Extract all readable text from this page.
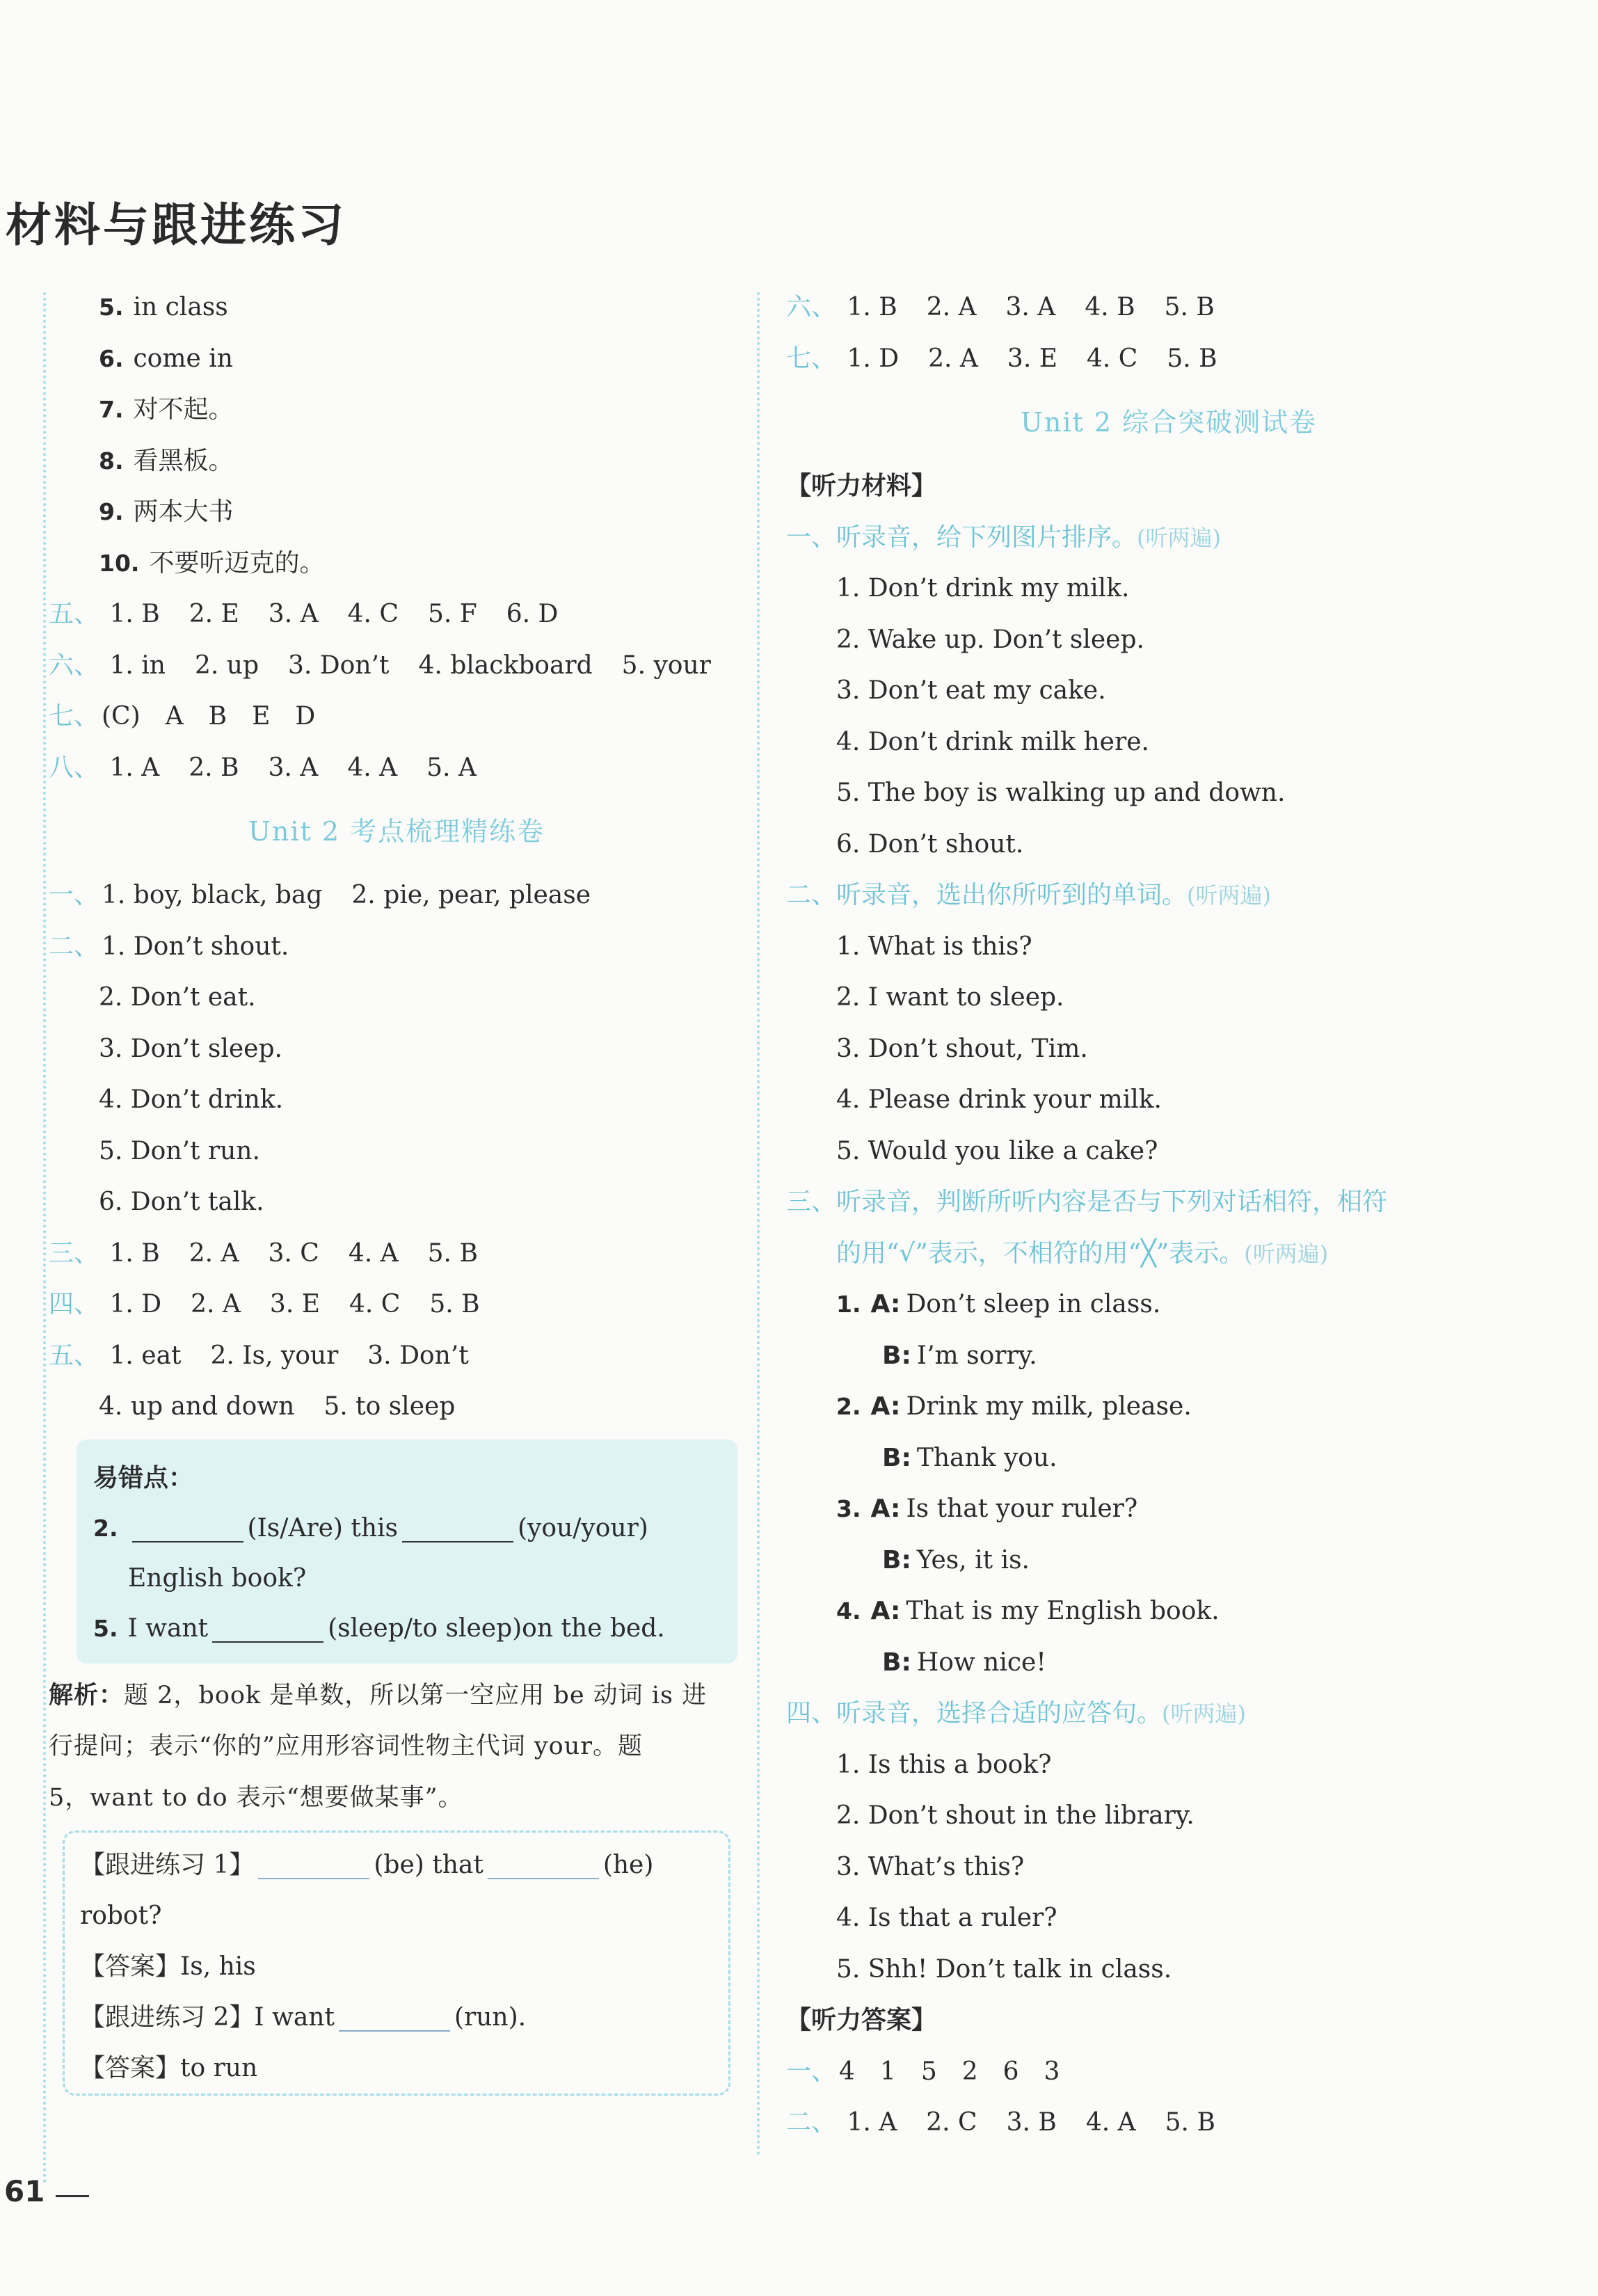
材料与跟进练习
5. in class
6. come in
7. 对不起。
8. 看黑板。
9. 两本大书
10. 不要听迈克的。
五、 1. B 2. E 3. A 4. C 5. F 6. D
六、 1. in 2. up 3. Don’t 4. blackboard 5. your
七、 (C)　A　B　E　D
八、 1. A 2. B 3. A 4. A 5. A
Unit 2 考点梳理精练卷
一、 1. boy, black, bag 2. pie, pear, please
二、 1. Don’t shout.
2. Don’t eat.
3. Don’t sleep.
4. Don’t drink.
5. Don’t run.
6. Don’t talk.
三、 1. B 2. A 3. C 4. A 5. B
四、 1. D 2. A 3. E 4. C 5. B
五、 1. eat 2. Is, your 3. Don’t
4. up and down 5. to sleep
易错点：
2.	(Is/Are) this	(you/your)
English book?
5. I want	(sleep/to sleep)on the bed.
解析：题 2，book 是单数，所以第一空应用 be 动词 is 进
行提问；表示“你的”应用形容词性物主代词 your。题
5，want to do 表示“想要做某事”。
【跟进练习 1】	(be) that	(he)
robot?
【答案】Is, his
【跟进练习 2】I want	(run).
【答案】to run
六、 1. B 2. A 3. A 4. B 5. B
七、 1. D 2. A 3. E 4. C 5. B
Unit 2 综合突破测试卷
【听力材料】
一、听录音，给下列图片排序。(听两遍)
1. Don’t drink my milk.
2. Wake up. Don’t sleep.
3. Don’t eat my cake.
4. Don’t drink milk here.
5. The boy is walking up and down.
6. Don’t shout.
二、听录音，选出你所听到的单词。(听两遍)
1. What is this?
2. I want to sleep.
3. Don’t shout, Tim.
4. Please drink your milk.
5. Would you like a cake?
三、听录音，判断所听内容是否与下列对话相符，相符
的用“√”表示，不相符的用“╳”表示。(听两遍)
1. A: Don’t sleep in class.
B: I’m sorry.
2. A: Drink my milk, please.
B: Thank you.
3. A: Is that your ruler?
B: Yes, it is.
4. A: That is my English book.
B: How nice!
四、听录音，选择合适的应答句。(听两遍)
1. Is this a book?
2. Don’t shout in the library.
3. What’s this?
4. Is that a ruler?
5. Shh! Don’t talk in class.
【听力答案】
一、 4　1　5　2　6　3
二、 1. A 2. C 3. B 4. A 5. B
61
